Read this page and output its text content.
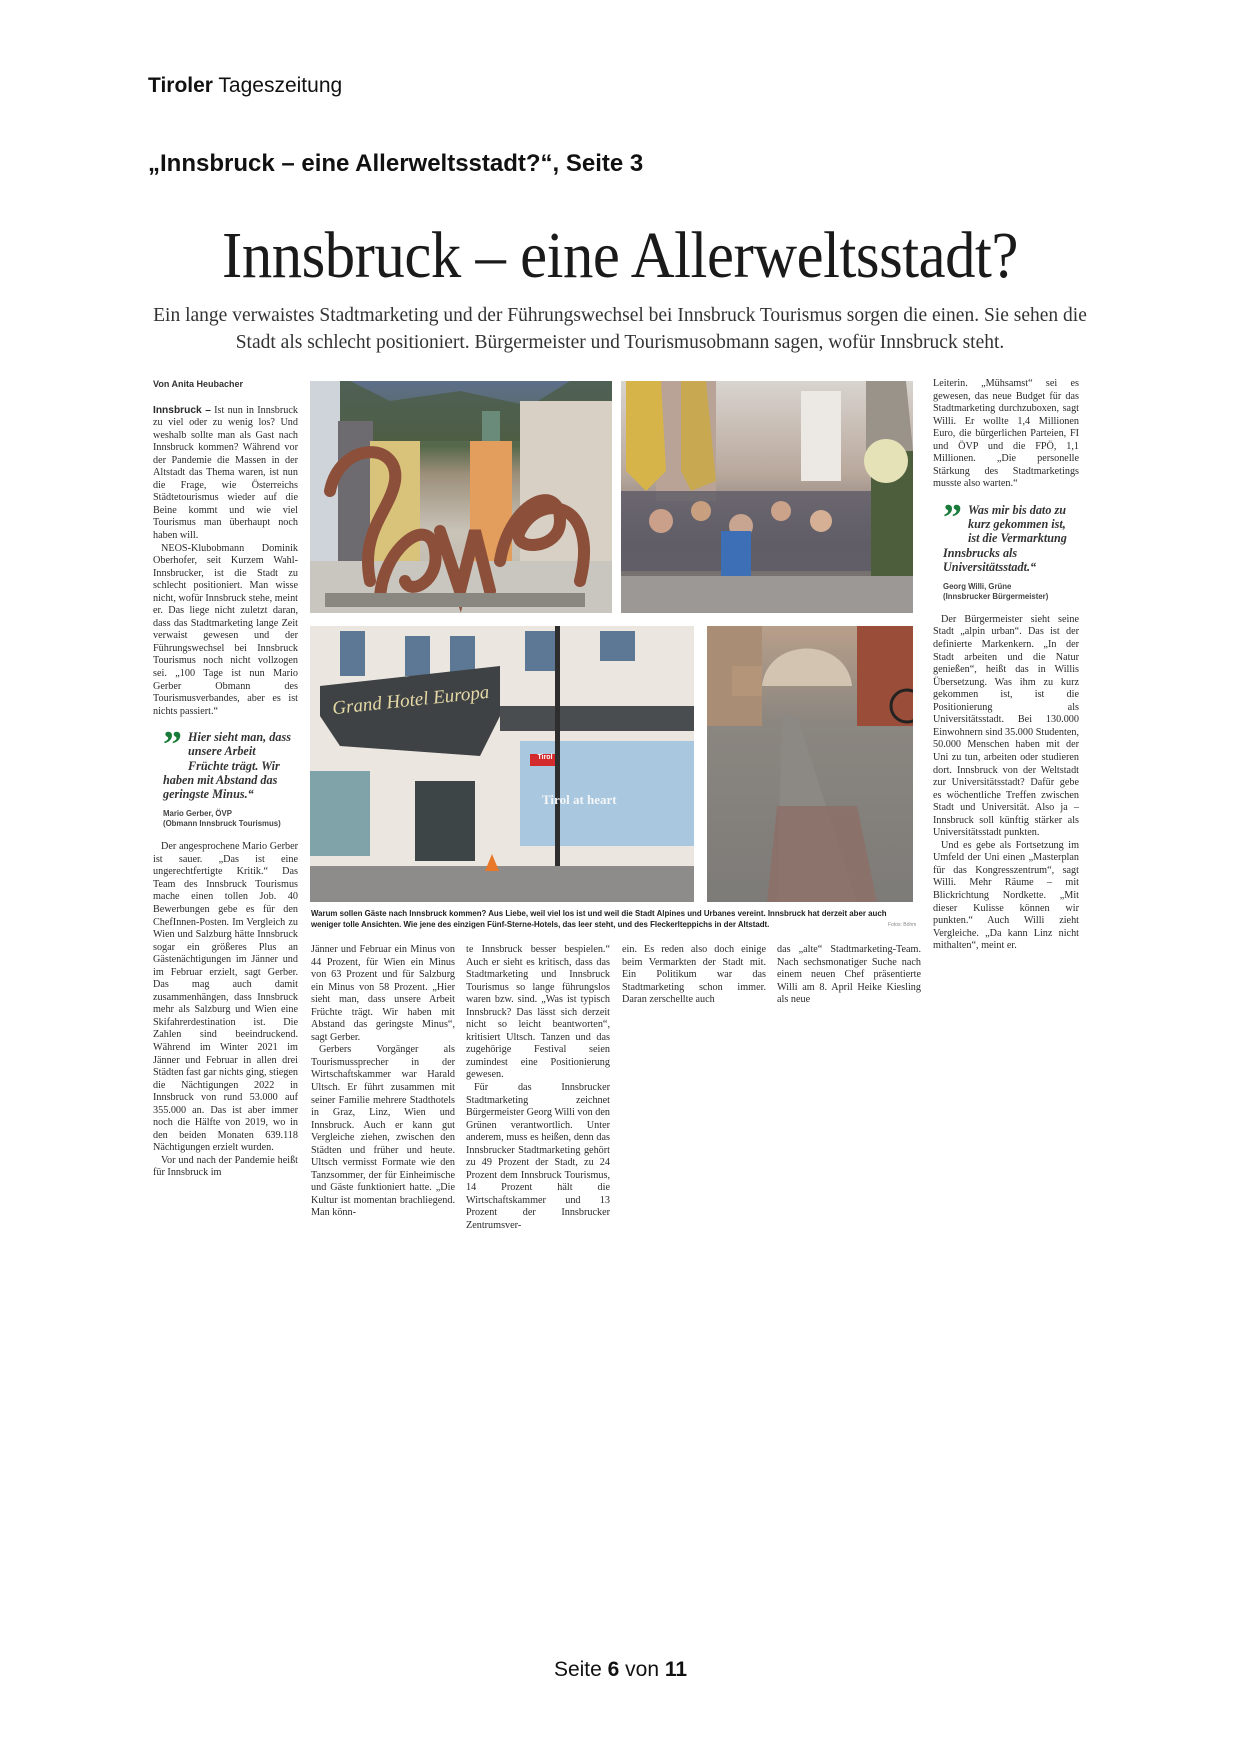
Tiroler Tageszeitung
„Innsbruck – eine Allerweltsstadt?“, Seite 3
Innsbruck – eine Allerweltsstadt?
Ein lange verwaistes Stadtmarketing und der Führungswechsel bei Innsbruck Tourismus sorgen die einen. Sie sehen die Stadt als schlecht positioniert. Bürgermeister und Tourismusobmann sagen, wofür Innsbruck steht.
Von Anita Heubacher

Innsbruck – Ist nun in Innsbruck zu viel oder zu wenig los? Und weshalb sollte man als Gast nach Innsbruck kommen? Während vor der Pandemie die Massen in der Altstadt das Thema waren, ist nun die Frage, wie Österreichs Städtetourismus wieder auf die Beine kommt und wie viel Tourismus man überhaupt noch haben will.

NEOS-Klubobmann Dominik Oberhofer, seit Kurzem Wahl-Innsbrucker, ist die Stadt zu schlecht positioniert. Man wisse nicht, wofür Innsbruck stehe, meint er. Das liege nicht zuletzt daran, dass das Stadtmarketing lange Zeit verwaist gewesen und der Führungswechsel bei Innsbruck Tourismus noch nicht vollzogen sei. „100 Tage ist nun Mario Gerber Obmann des Tourismusverbandes, aber es ist nichts passiert.“

” Hier sieht man, dass unsere Arbeit Früchte trägt. Wir haben mit Abstand das geringste Minus.“
Mario Gerber, ÖVP
(Obmann Innsbruck Tourismus)

Der angesprochene Mario Gerber ist sauer. „Das ist eine ungerechtfertigte Kritik.“ Das Team des Innsbruck Tourismus mache einen tollen Job. 40 Bewerbungen gebe es für den ChefInnen-Posten. Im Vergleich zu Wien und Salzburg hätte Innsbruck sogar ein größeres Plus an Gästenächtigungen im Jänner und im Februar erzielt, sagt Gerber. Das mag auch damit zusammenhängen, dass Innsbruck mehr als Salzburg und Wien eine Skifahrerdestination ist. Die Zahlen sind beeindruckend. Während im Winter 2021 im Jänner und Februar in allen drei Städten fast gar nichts ging, stiegen die Nächtigungen 2022 in Innsbruck von rund 53.000 auf 355.000 an. Das ist aber immer noch die Hälfte von 2019, wo in den beiden Monaten 639.118 Nächtigungen erzielt wurden.

Vor und nach der Pandemie heißt für Innsbruck im

Grand Hotel Europa
Tirol
Tirol at heart
Warum sollen Gäste nach Innsbruck kommen? Aus Liebe, weil viel los ist und weil die Stadt Alpines und Urbanes vereint. Innsbruck hat derzeit aber auch weniger tolle Ansichten. Wie jene des einzigen Fünf-Sterne-Hotels, das leer steht, und des Fleckerlteppichs in der Altstadt.	Fotos: Böhm

Jänner und Februar ein Minus von 44 Prozent, für Wien ein Minus von 63 Prozent und für Salzburg ein Minus von 58 Prozent. „Hier sieht man, dass unsere Arbeit Früchte trägt. Wir haben mit Abstand das geringste Minus“, sagt Gerber.

Gerbers Vorgänger als Tourismussprecher in der Wirtschaftskammer war Harald Ultsch. Er führt zusammen mit seiner Familie mehrere Stadthotels in Graz, Linz, Wien und Innsbruck. Auch er kann gut Vergleiche ziehen, zwischen den Städten und früher und heute. Ultsch vermisst Formate wie den Tanzsommer, der für Einheimische und Gäste funktioniert hatte. „Die Kultur ist momentan brachliegend. Man könn-

te Innsbruck besser bespielen.“ Auch er sieht es kritisch, dass das Stadtmarketing und Innsbruck Tourismus so lange führungslos waren bzw. sind. „Was ist typisch Innsbruck? Das lässt sich derzeit nicht so leicht beantworten“, kritisiert Ultsch. Tanzen und das zugehörige Festival seien zumindest eine Positionierung gewesen.

Für das Innsbrucker Stadtmarketing zeichnet Bürgermeister Georg Willi von den Grünen verantwortlich. Unter anderem, muss es heißen, denn das Innsbrucker Stadtmarketing gehört zu 49 Prozent der Stadt, zu 24 Prozent dem Innsbruck Tourismus, 14 Prozent hält die Wirtschaftskammer und 13 Prozent der Innsbrucker Zentrumsver-

ein. Es reden also doch einige beim Vermarkten der Stadt mit. Ein Politikum war das Stadtmarketing schon immer. Daran zerschellte auch

das „alte“ Stadtmarketing-Team. Nach sechsmonatiger Suche nach einem neuen Chef präsentierte Willi am 8. April Heike Kiesling als neue

Leiterin. „Mühsamst“ sei es gewesen, das neue Budget für das Stadtmarketing durchzuboxen, sagt Willi. Er wollte 1,4 Millionen Euro, die bürgerlichen Parteien, FI und ÖVP und die FPÖ, 1,1 Millionen. „Die personelle Stärkung des Stadtmarketings musste also warten.“

” Was mir bis dato zu kurz gekommen ist, ist die Vermarktung Innsbrucks als Universitätsstadt.“
Georg Willi, Grüne
(Innsbrucker Bürgermeister)

Der Bürgermeister sieht seine Stadt „alpin urban“. Das ist der definierte Markenkern. „In der Stadt arbeiten und die Natur genießen“, heißt das in Willis Übersetzung. Was ihm zu kurz gekommen ist, ist die Positionierung als Universitätsstadt. Bei 130.000 Einwohnern sind 35.000 Studenten, 50.000 Menschen haben mit der Uni zu tun, arbeiten oder studieren dort. Innsbruck von der Weltstadt zur Universitätsstadt? Dafür gebe es wöchentliche Treffen zwischen Stadt und Universität. Also ja – Innsbruck soll künftig stärker als Universitätsstadt punkten.

Und es gebe als Fortsetzung im Umfeld der Uni einen „Masterplan für das Kongresszentrum“, sagt Willi. Mehr Räume – mit Blickrichtung Nordkette. „Mit dieser Kulisse können wir punkten.“ Auch Willi zieht Vergleiche. „Da kann Linz nicht mithalten“, meint er.

Seite 6 von 11
